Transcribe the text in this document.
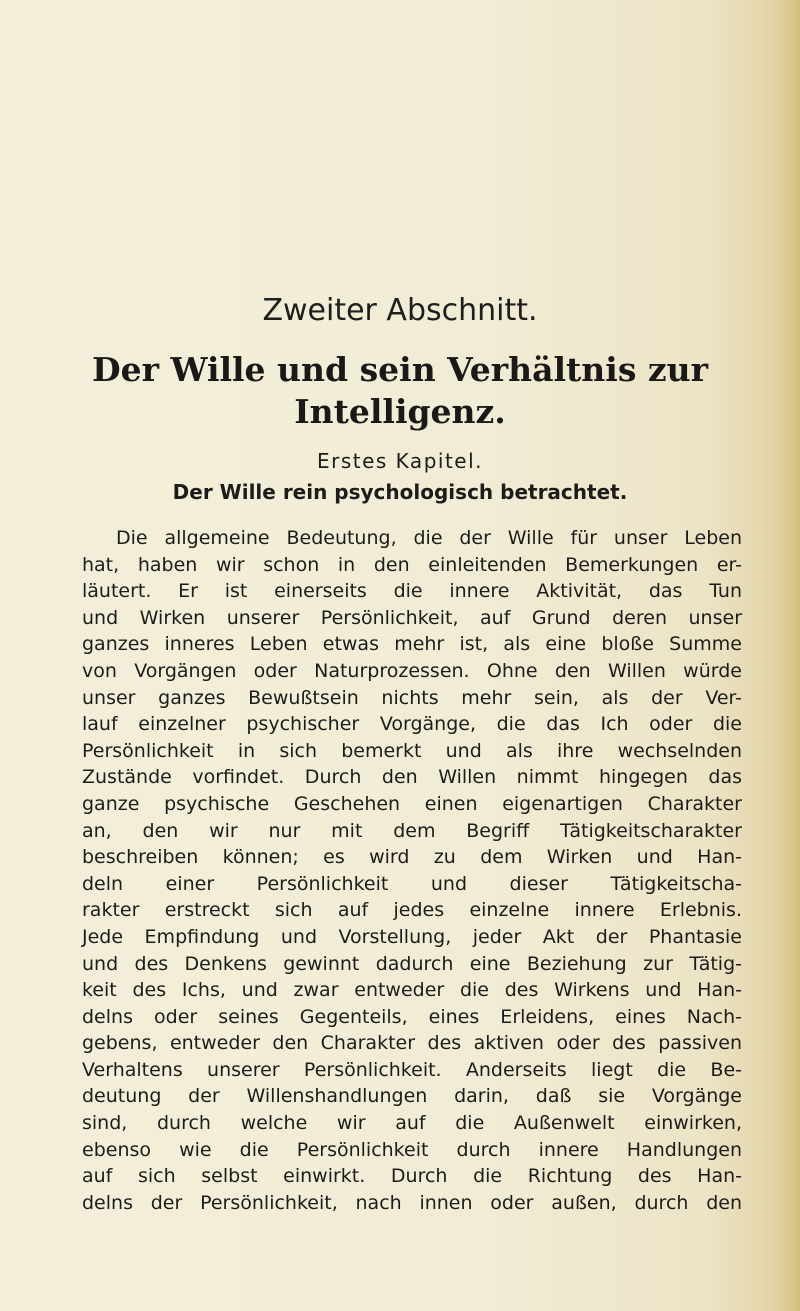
Zweiter Abschnitt.
Der Wille und sein Verhältnis zur
Intelligenz.
Erstes Kapitel.
Der Wille rein psychologisch betrachtet.
Die allgemeine Bedeutung, die der Wille für unser Leben
hat, haben wir schon in den einleitenden Bemerkungen er-
läutert. Er ist einerseits die innere Aktivität, das Tun
und Wirken unserer Persönlichkeit, auf Grund deren unser
ganzes inneres Leben etwas mehr ist, als eine bloße Summe
von Vorgängen oder Naturprozessen. Ohne den Willen würde
unser ganzes Bewußtsein nichts mehr sein, als der Ver-
lauf einzelner psychischer Vorgänge, die das Ich oder die
Persönlichkeit in sich bemerkt und als ihre wechselnden
Zustände vorfindet. Durch den Willen nimmt hingegen das
ganze psychische Geschehen einen eigenartigen Charakter
an, den wir nur mit dem Begriff Tätigkeitscharakter
beschreiben können; es wird zu dem Wirken und Han-
deln einer Persönlichkeit und dieser Tätigkeitscha-
rakter erstreckt sich auf jedes einzelne innere Erlebnis.
Jede Empfindung und Vorstellung, jeder Akt der Phantasie
und des Denkens gewinnt dadurch eine Beziehung zur Tätig-
keit des Ichs, und zwar entweder die des Wirkens und Han-
delns oder seines Gegenteils, eines Erleidens, eines Nach-
gebens, entweder den Charakter des aktiven oder des passiven
Verhaltens unserer Persönlichkeit. Anderseits liegt die Be-
deutung der Willenshandlungen darin, daß sie Vorgänge
sind, durch welche wir auf die Außenwelt einwirken,
ebenso wie die Persönlichkeit durch innere Handlungen
auf sich selbst einwirkt. Durch die Richtung des Han-
delns der Persönlichkeit, nach innen oder außen, durch den
